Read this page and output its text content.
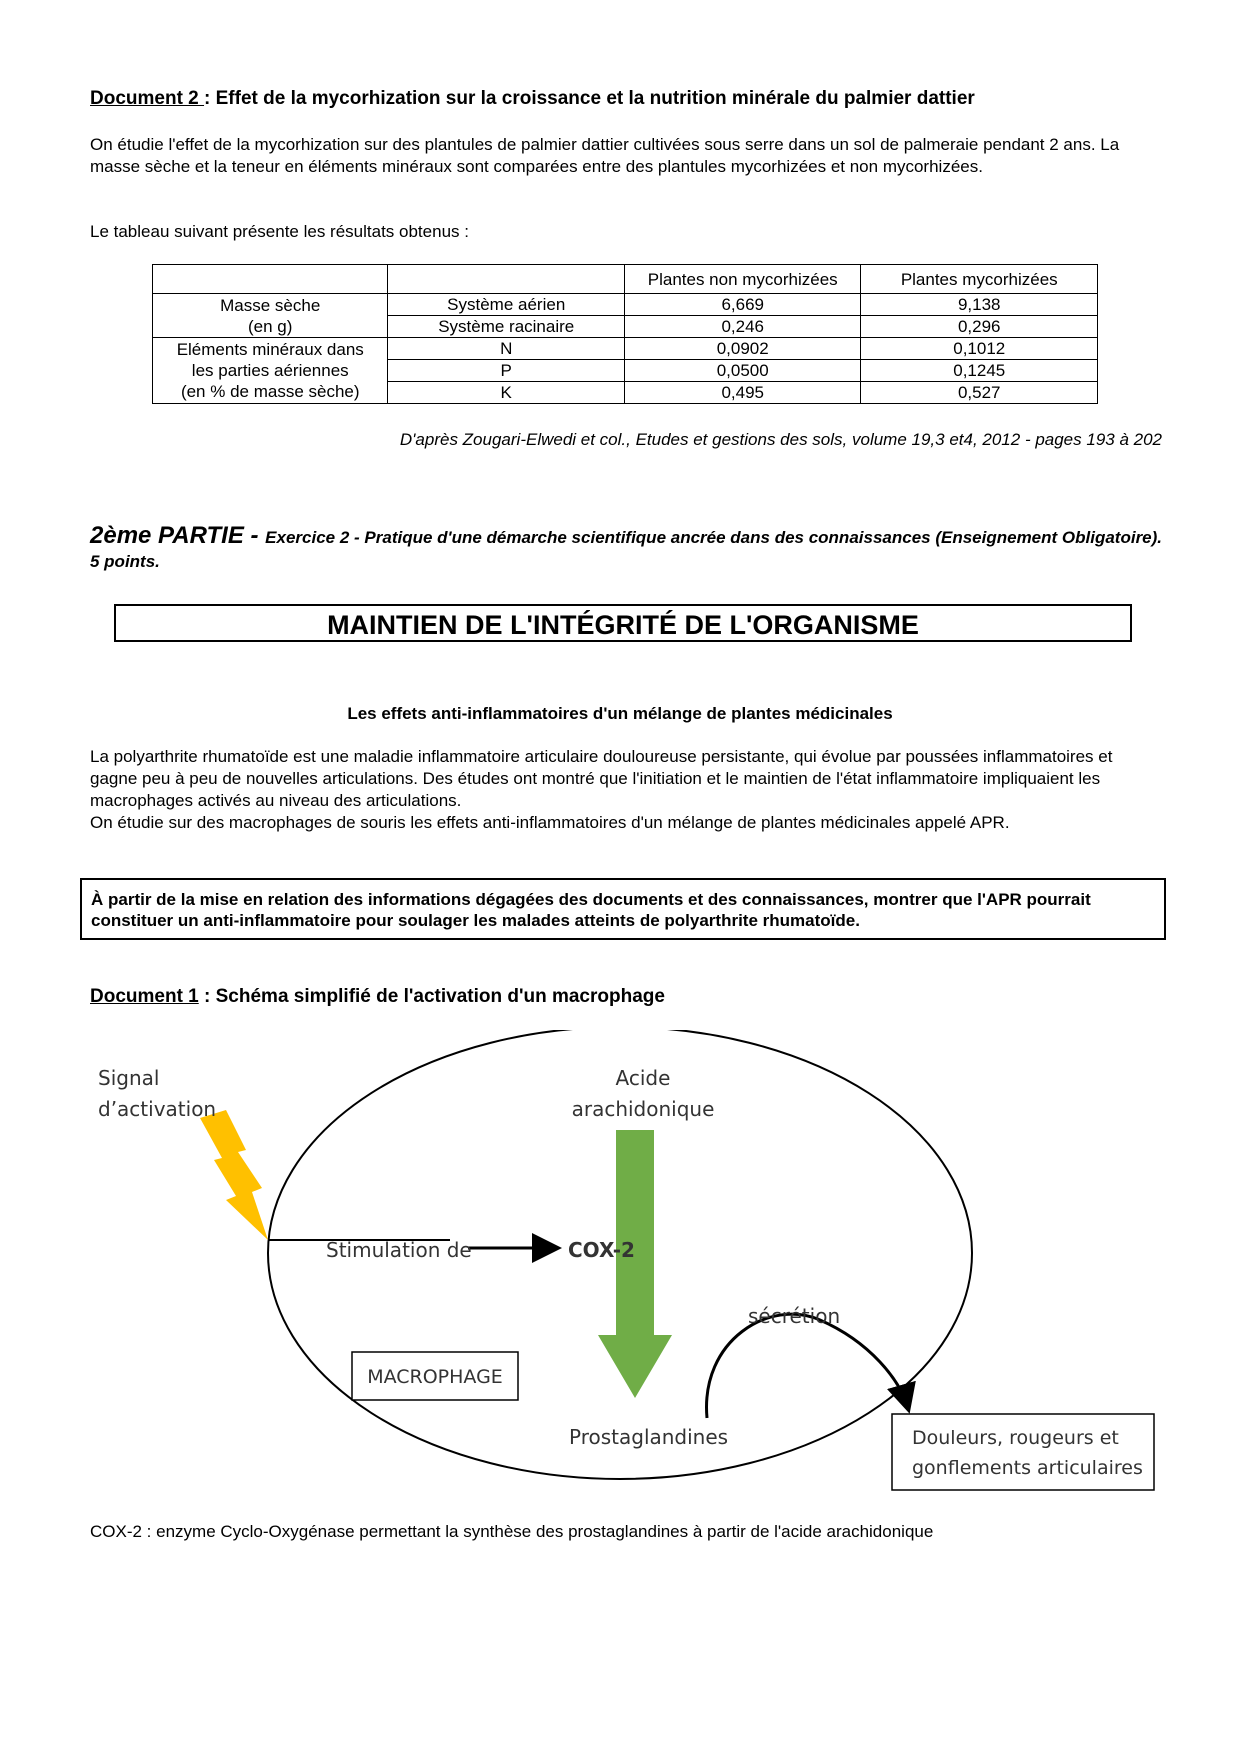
Document 2 : Effet de la mycorhization sur la croissance et la nutrition minérale du palmier dattier
On étudie l'effet de la mycorhization sur des plantules de palmier dattier cultivées sous serre dans un sol de palmeraie pendant 2 ans. La masse sèche et la teneur en éléments minéraux sont comparées entre des plantules mycorhizées et non mycorhizées.
Le tableau suivant présente les résultats obtenus :
		Plantes non mycorhizées	Plantes mycorhizées
Masse sèche
(en g)	Système aérien	6,669	9,138
	Système racinaire	0,246	0,296
Eléments minéraux dans
les parties aériennes
(en % de masse sèche)	N	0,0902	0,1012
	P	0,0500	0,1245
	K	0,495	0,527
D'après Zougari-Elwedi et col., Etudes et gestions des sols, volume 19,3 et4, 2012 - pages 193 à 202
2ème PARTIE - Exercice 2 - Pratique d'une démarche scientifique ancrée dans des connaissances (Enseignement Obligatoire). 5 points.
MAINTIEN DE L'INTÉGRITÉ DE L'ORGANISME
Les effets anti-inflammatoires d'un mélange de plantes médicinales
La polyarthrite rhumatoïde est une maladie inflammatoire articulaire douloureuse persistante, qui évolue par poussées inflammatoires et gagne peu à peu de nouvelles articulations. Des études ont montré que l'initiation et le maintien de l'état inflammatoire impliquaient les macrophages activés au niveau des articulations.
On étudie sur des macrophages de souris les effets anti-inflammatoires d'un mélange de plantes médicinales appelé APR.
À partir de la mise en relation des informations dégagées des documents et des connaissances, montrer que l'APR pourrait constituer un anti-inflammatoire pour soulager les malades atteints de polyarthrite rhumatoïde.
Document 1 : Schéma simplifié de l'activation d'un macrophage
Signal
d’activation
Acide
arachidonique
Stimulation de	COX-2
sécrétion
MACROPHAGE
Prostaglandines	Douleurs, rougeurs et
gonflements articulaires
COX-2 : enzyme Cyclo-Oxygénase permettant la synthèse des prostaglandines à partir de l'acide arachidonique
